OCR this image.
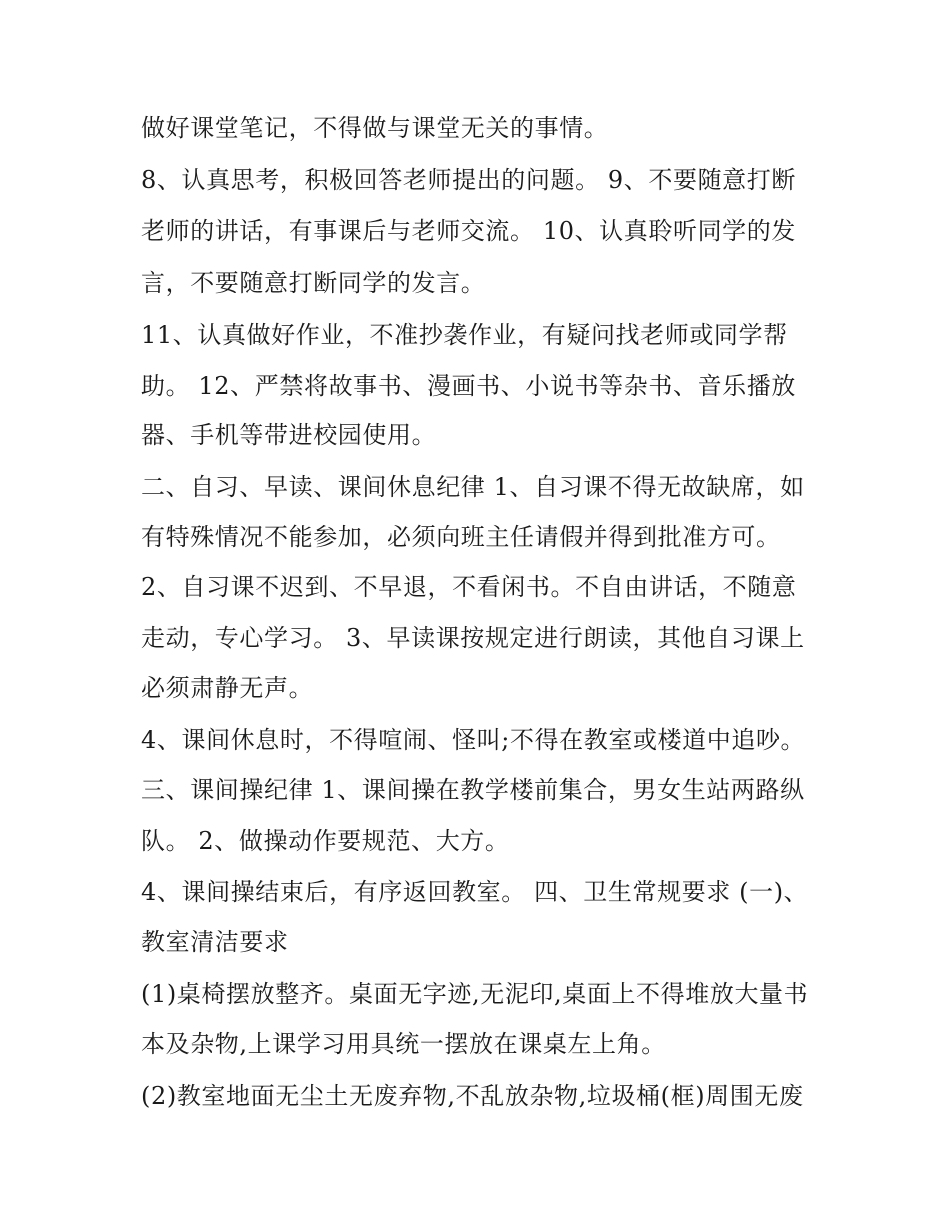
做好课堂笔记，不得做与课堂无关的事情。
8、认真思考，积极回答老师提出的问题。 9、不要随意打断
老师的讲话，有事课后与老师交流。 10、认真聆听同学的发
言，不要随意打断同学的发言。
11、认真做好作业，不准抄袭作业，有疑问找老师或同学帮
助。 12、严禁将故事书、漫画书、小说书等杂书、音乐播放
器、手机等带进校园使用。
二、自习、早读、课间休息纪律 1、自习课不得无故缺席，如
有特殊情况不能参加，必须向班主任请假并得到批准方可。
2、自习课不迟到、不早退，不看闲书。不自由讲话，不随意
走动，专心学习。 3、早读课按规定进行朗读，其他自习课上
必须肃静无声。
4、课间休息时，不得喧闹、怪叫;不得在教室或楼道中追吵。
三、课间操纪律 1、课间操在教学楼前集合，男女生站两路纵
队。 2、做操动作要规范、大方。
4、课间操结束后，有序返回教室。 四、卫生常规要求 (一)、
教室清洁要求
(1)桌椅摆放整齐。桌面无字迹,无泥印,桌面上不得堆放大量书
本及杂物,上课学习用具统一摆放在课桌左上角。
(2)教室地面无尘土无废弃物,不乱放杂物,垃圾桶(框)周围无废
